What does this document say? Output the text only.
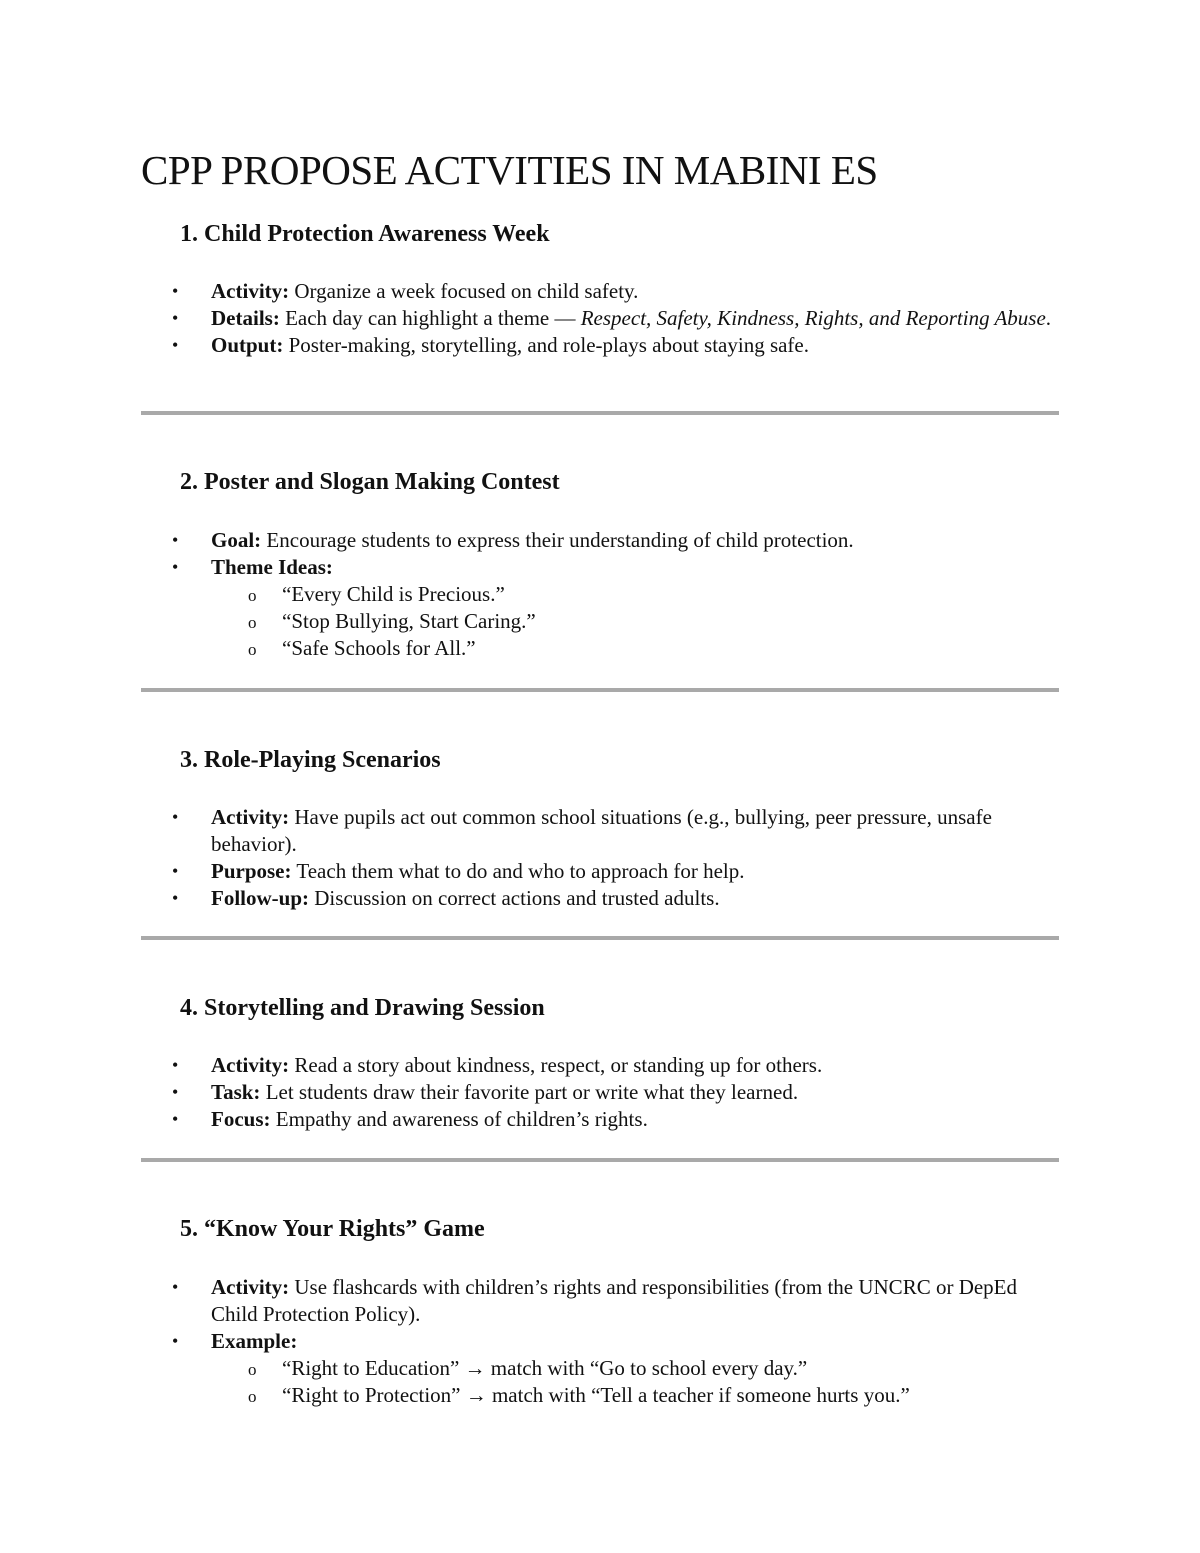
CPP PROPOSE ACTVITIES IN MABINI ES
1. Child Protection Awareness Week
• Activity: Organize a week focused on child safety.
• Details: Each day can highlight a theme — Respect, Safety, Kindness, Rights, and Reporting Abuse.
• Output: Poster-making, storytelling, and role-plays about staying safe.
2. Poster and Slogan Making Contest
• Goal: Encourage students to express their understanding of child protection.
• Theme Ideas:
o “Every Child is Precious.”
o “Stop Bullying, Start Caring.”
o “Safe Schools for All.”
3. Role-Playing Scenarios
• Activity: Have pupils act out common school situations (e.g., bullying, peer pressure, unsafe behavior).
• Purpose: Teach them what to do and who to approach for help.
• Follow-up: Discussion on correct actions and trusted adults.
4. Storytelling and Drawing Session
• Activity: Read a story about kindness, respect, or standing up for others.
• Task: Let students draw their favorite part or write what they learned.
• Focus: Empathy and awareness of children’s rights.
5. “Know Your Rights” Game
• Activity: Use flashcards with children’s rights and responsibilities (from the UNCRC or DepEd Child Protection Policy).
• Example:
o “Right to Education” → match with “Go to school every day.”
o “Right to Protection” → match with “Tell a teacher if someone hurts you.”
